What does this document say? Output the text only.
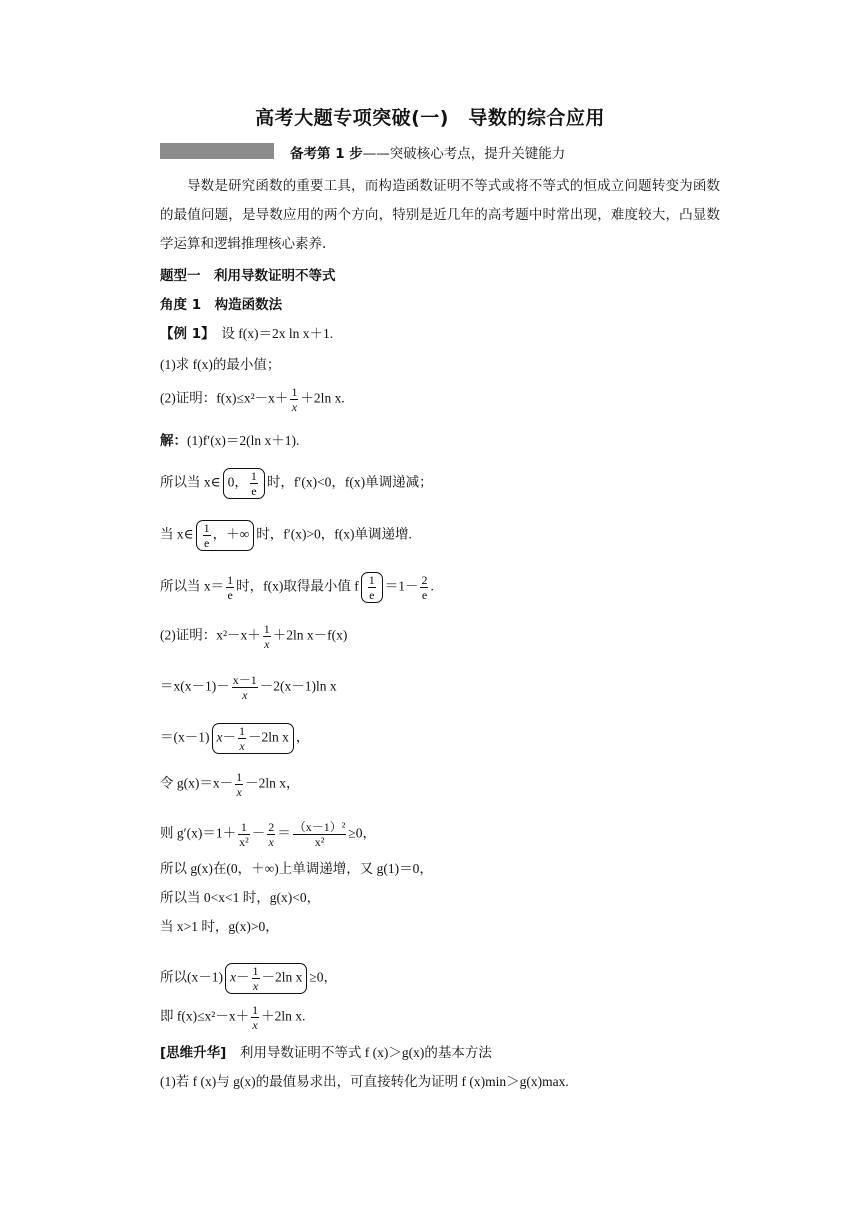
高考大题专项突破(一)　导数的综合应用
备考第 1 步——突破核心考点，提升关键能力
导数是研究函数的重要工具，而构造函数证明不等式或将不等式的恒成立问题转变为函数的最值问题，是导数应用的两个方向，特别是近几年的高考题中时常出现，难度较大，凸显数学运算和逻辑推理核心素养.
题型一　利用导数证明不等式
角度 1　构造函数法
【例 1】　 设 f(x)＝2x ln x＋1.
(1)求 f(x)的最小值；
(2)证明：$f(x)\le x^2-x+ \frac{1}{x} +2\ln$ x.
解：(1)f′(x)＝2(ln x＋1).
所以当 x∈ 0， $\frac{1}{e}$ 时，f′(x)<0，f(x)单调递减；
当 x∈ $\frac{1}{e}$ ，＋∞ 时，f′(x)>0，f(x)单调递增.
所以当 $x= \frac{1}{e}$ 时，f(x)取得最小值 f $\frac{1}{e} =1- \frac{2}{e}$ .
(2)证明：$x^2-x+ \frac{1}{x} +2\ln$ x－f(x)
$=x(x-1)- \frac{x-1}{x} -2(x-1)\ln$ x
＝(x－1) $x- \frac{1}{x} -2\ln$ x ，
令 $g(x)=x- \frac{1}{x} -2\ln$ x，
则 $g'(x)=1+ \frac{1}{\text{x²}} - \frac{2}{x} = \frac{\text{（x－1）²}}{\text{x²}} \ge 0$，
所以 g(x)在(0，＋∞)上单调递增，又 g(1)＝0，
所以当 0<x<1 时，g(x)<0，
当 x>1 时，g(x)>0，
所以(x－1) $x- \frac{1}{x} -2\ln$ x ≥0，
即 $f(x)\le x^2-x+ \frac{1}{x} +2\ln$ x.
[思维升华]　 利用导数证明不等式 f (x)＞g(x)的基本方法
(1)若 f (x)与 g(x)的最值易求出，可直接转化为证明 f (x)min＞g(x)max.
